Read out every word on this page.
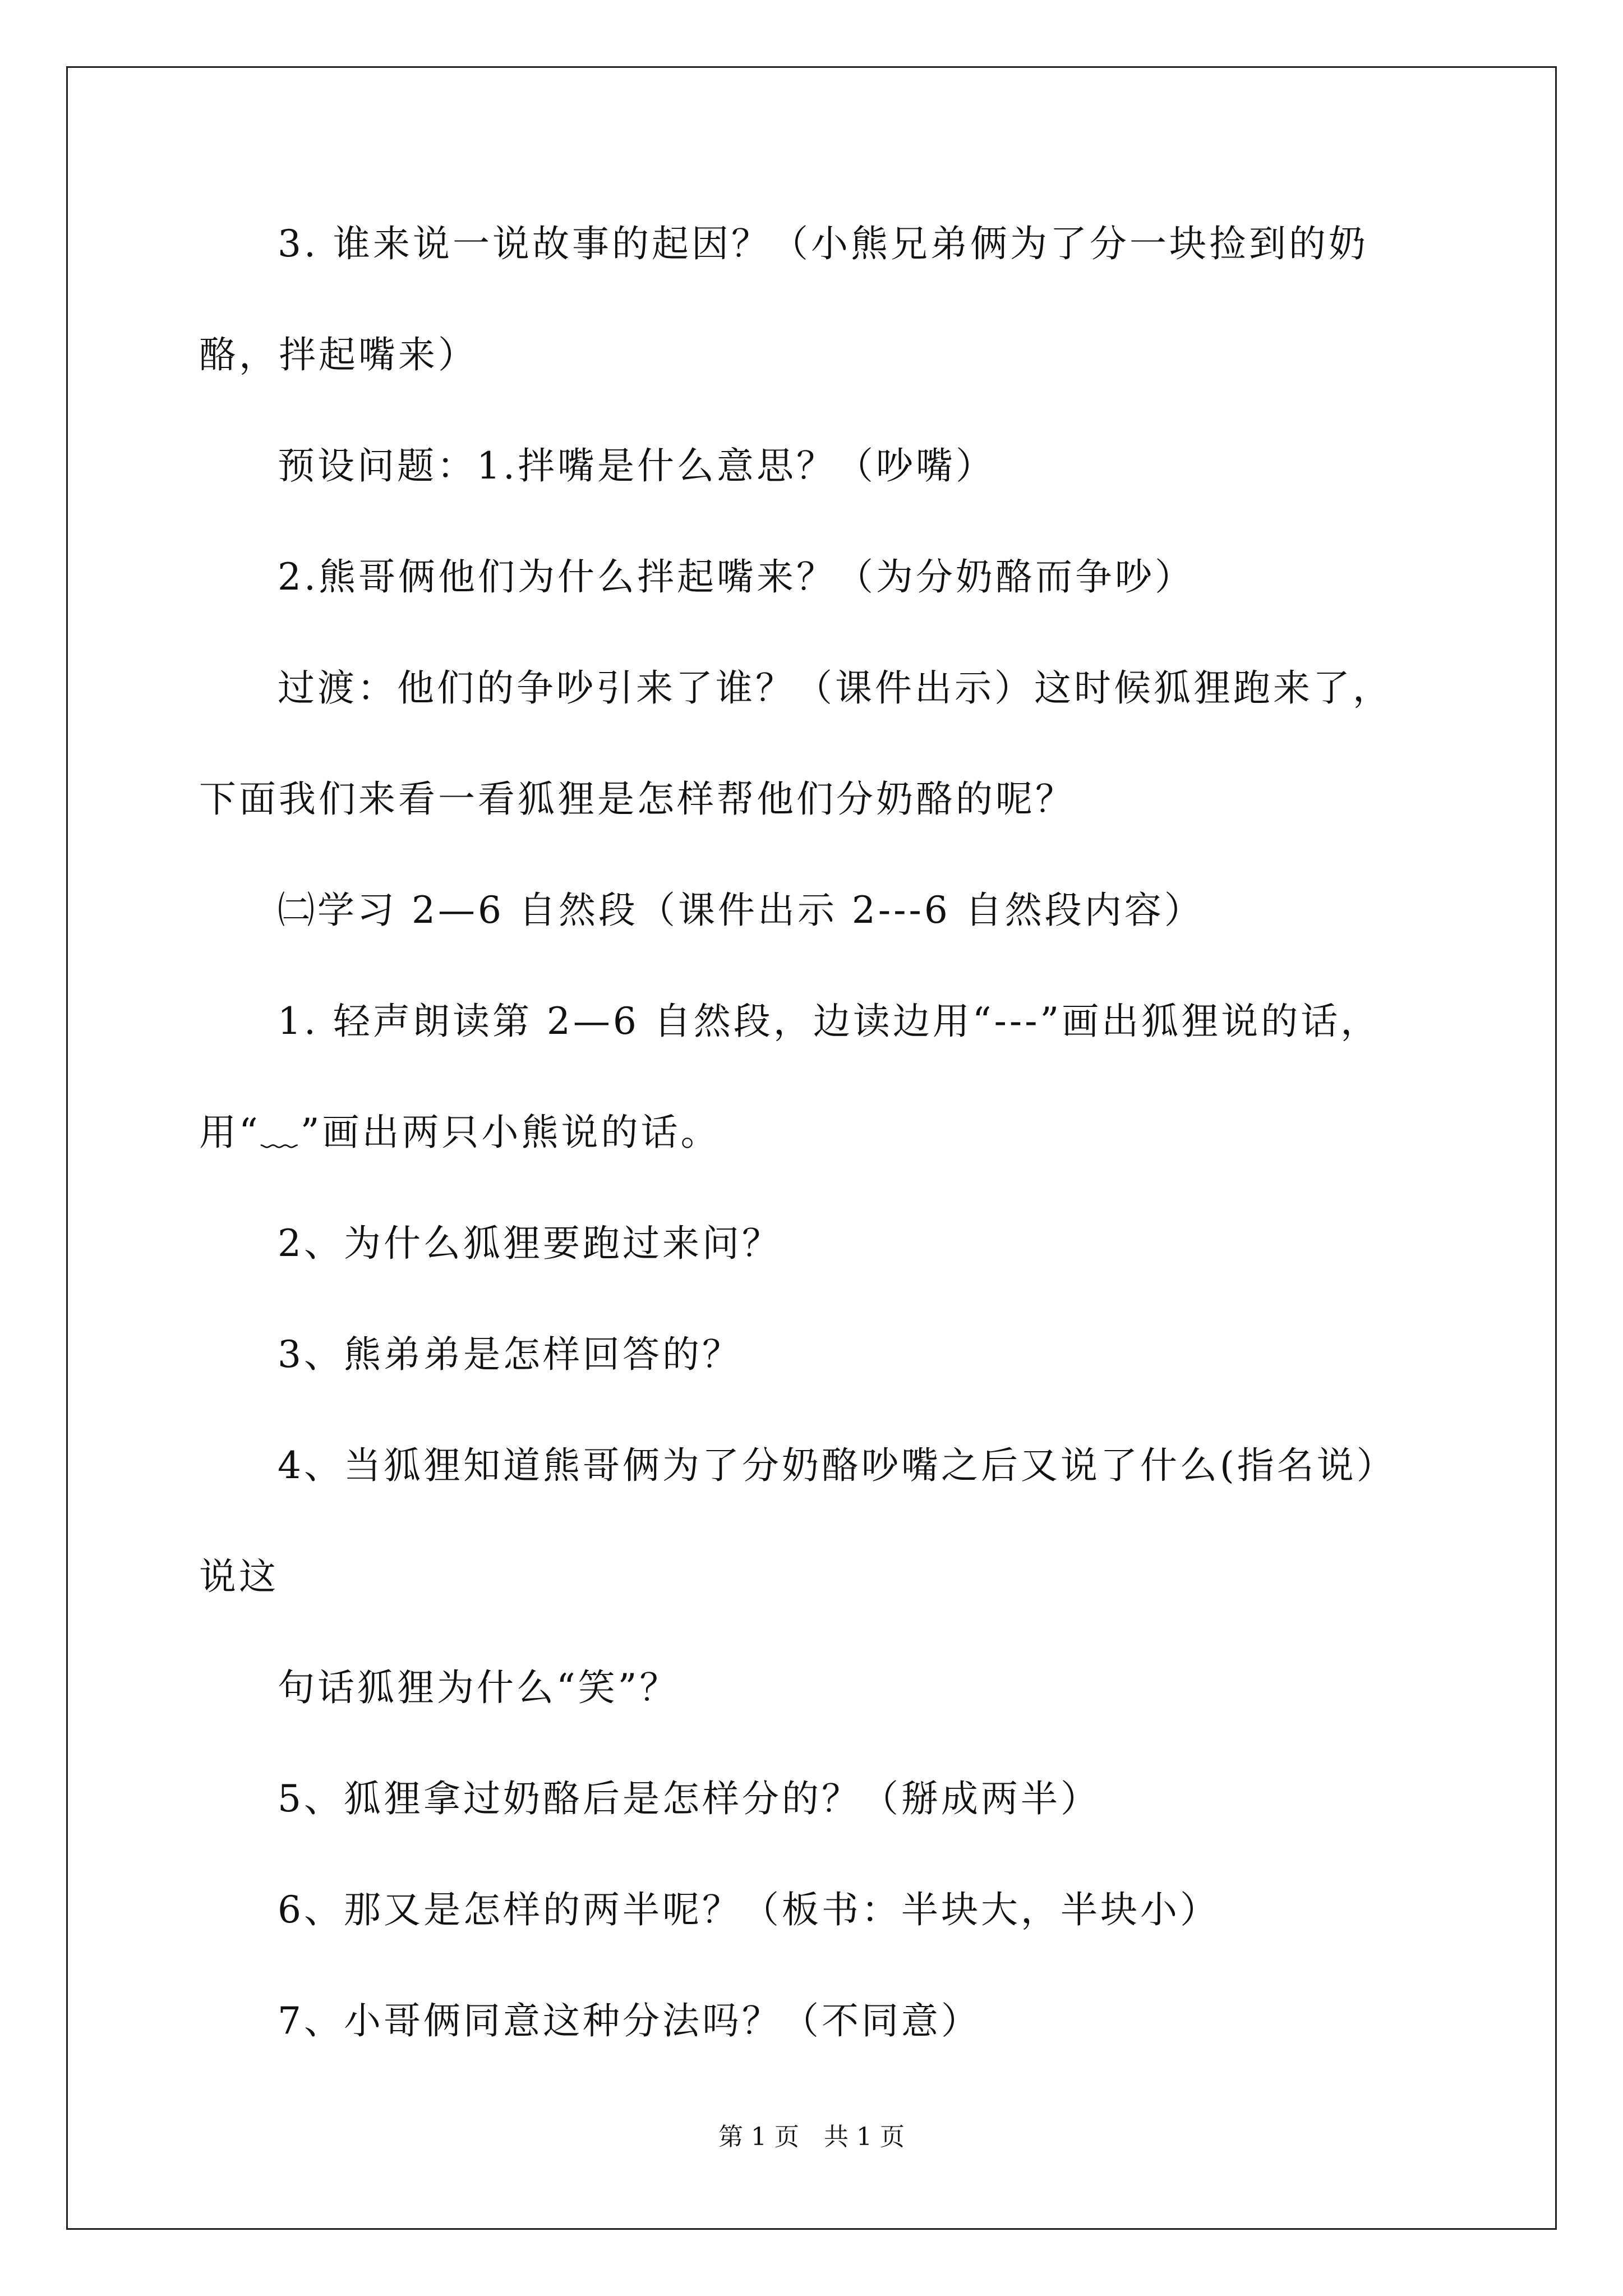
3. 谁来说一说故事的起因？（小熊兄弟俩为了分一块捡到的奶
酪，拌起嘴来）
预设问题：1.拌嘴是什么意思？（吵嘴）
2.熊哥俩他们为什么拌起嘴来？（为分奶酪而争吵）
过渡：他们的争吵引来了谁？（课件出示）这时候狐狸跑来了，
下面我们来看一看狐狸是怎样帮他们分奶酪的呢？
㈡学习 2—6 自然段（课件出示 2---6 自然段内容）
1. 轻声朗读第 2—6 自然段，边读边用“---”画出狐狸说的话，
用“﹏”画出两只小熊说的话。
2、为什么狐狸要跑过来问？
3、熊弟弟是怎样回答的？
4、当狐狸知道熊哥俩为了分奶酪吵嘴之后又说了什么(指名说）
说这
句话狐狸为什么“笑”？
5、狐狸拿过奶酪后是怎样分的？（掰成两半）
6、那又是怎样的两半呢？（板书：半块大，半块小）
7、小哥俩同意这种分法吗？（不同意）
第 1 页　共 1 页
